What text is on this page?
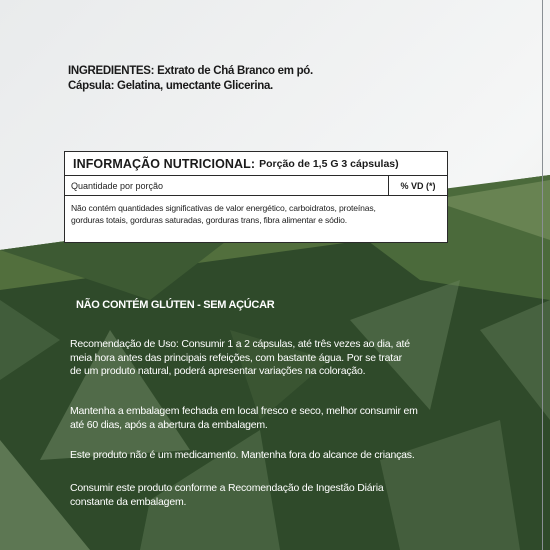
INGREDIENTES: Extrato de Chá Branco em pó.
Cápsula: Gelatina, umectante Glicerina.
INFORMAÇÃO NUTRICIONAL: Porção de 1,5 G 3 cápsulas)
Quantidade por porção	% VD (*)
Não contém quantidades significativas de valor energético, carboidratos, proteínas,
gorduras totais, gorduras saturadas, gorduras trans, fibra alimentar e sódio.
NÃO CONTÉM GLÚTEN - SEM AÇÚCAR
Recomendação de Uso: Consumir 1 a 2 cápsulas, até três vezes ao dia, até
meia hora antes das principais refeições, com bastante água. Por se tratar
de um produto natural, poderá apresentar variações na coloração.
Mantenha a embalagem fechada em local fresco e seco, melhor consumir em
até 60 dias, após a abertura da embalagem.
Este produto não é um medicamento. Mantenha fora do alcance de crianças.
Consumir este produto conforme a Recomendação de Ingestão Diária
constante da embalagem.
